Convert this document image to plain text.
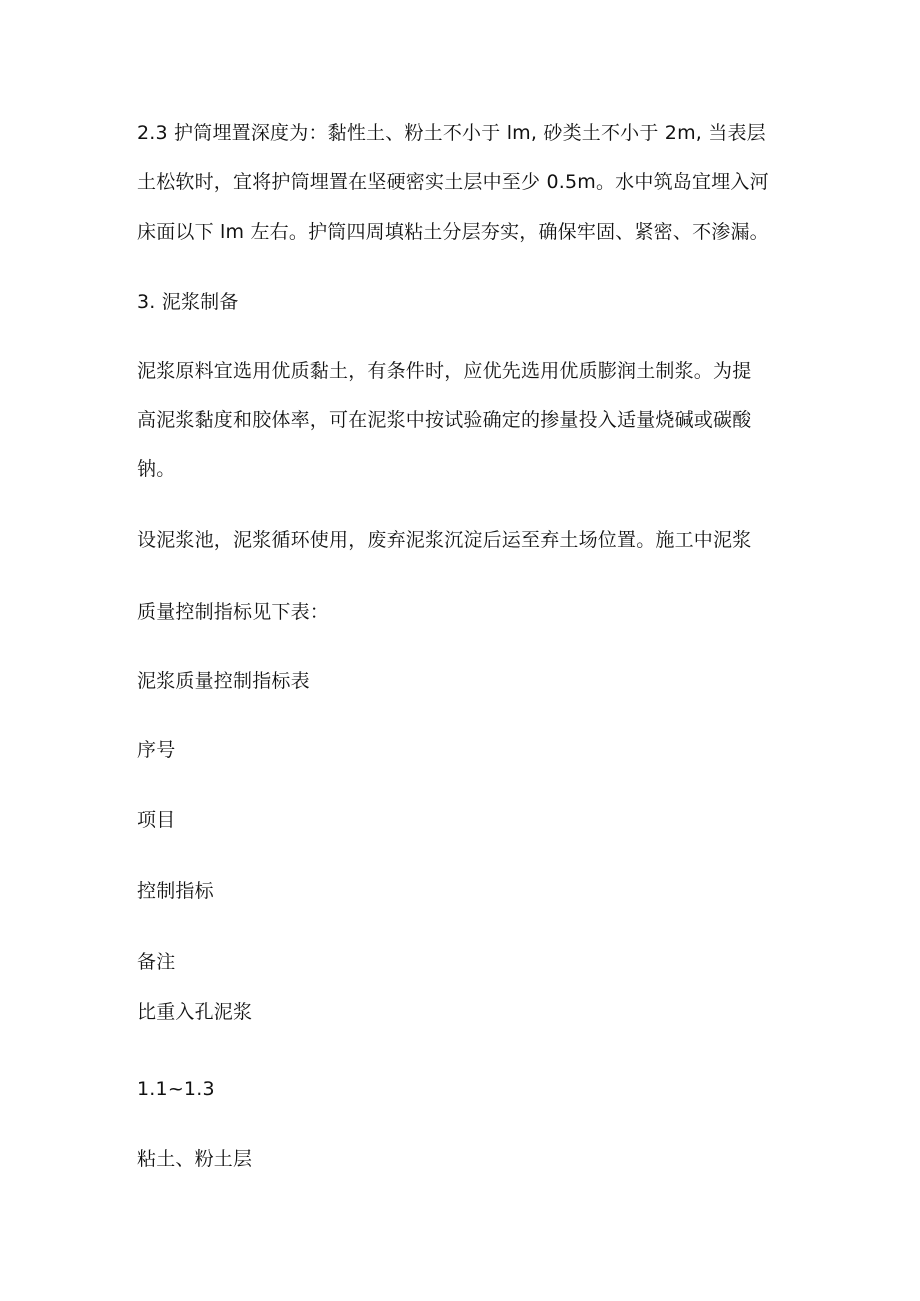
2.3 护筒埋置深度为：黏性土、粉土不小于 lm, 砂类土不小于 2m, 当表层
土松软时，宜将护筒埋置在坚硬密实土层中至少 0.5m。水中筑岛宜埋入河
床面以下 lm 左右。护筒四周填粘土分层夯实，确保牢固、紧密、不渗漏。
3. 泥浆制备
泥浆原料宜选用优质黏土，有条件时，应优先选用优质膨润土制浆。为提
高泥浆黏度和胶体率，可在泥浆中按试验确定的掺量投入适量烧碱或碳酸
钠。
设泥浆池，泥浆循环使用，废弃泥浆沉淀后运至弃土场位置。施工中泥浆
质量控制指标见下表：
泥浆质量控制指标表
序号
项目
控制指标
备注
比重入孔泥浆
1.1~1.3
粘土、粉土层
